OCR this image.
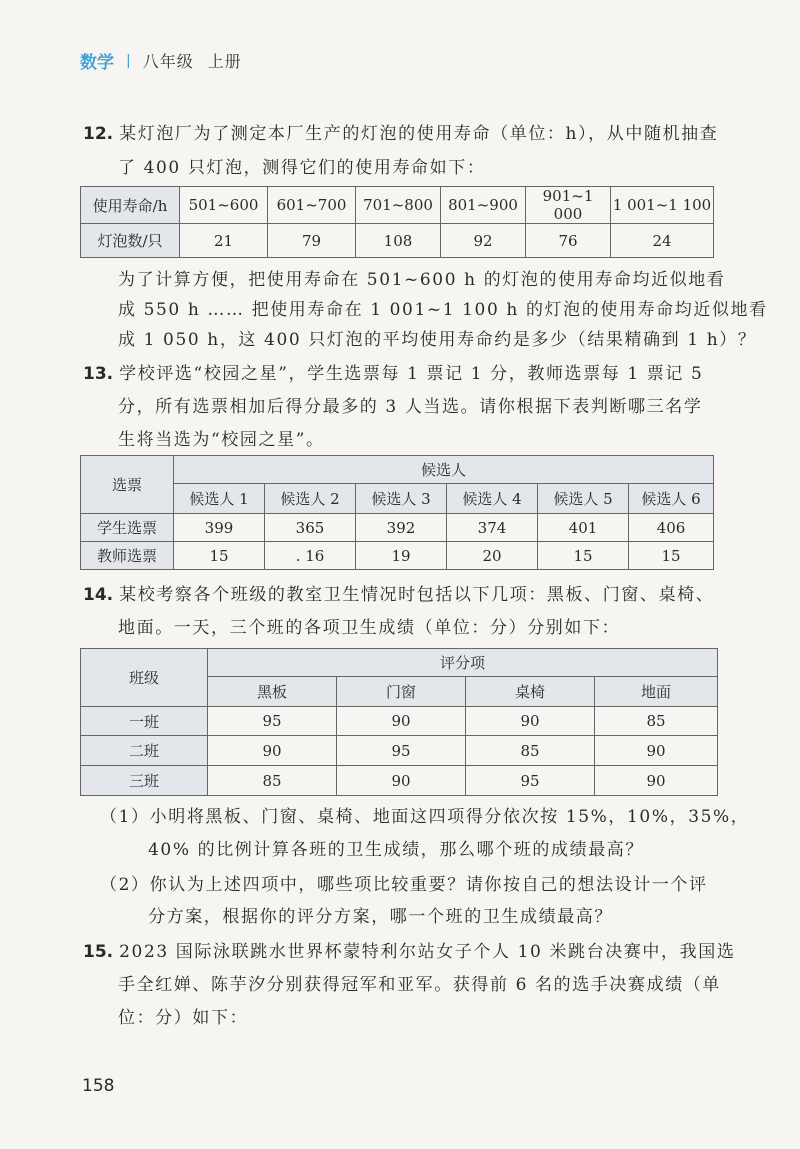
数学 | 八年级 上册
12. 某灯泡厂为了测定本厂生产的灯泡的使用寿命（单位：h），从中随机抽查
了 400 只灯泡，测得它们的使用寿命如下：
使用寿命/h	501~600	601~700	701~800	801~900	901~1 000	1 001~1 100
灯泡数/只	21	79	108	92	76	24
为了计算方便，把使用寿命在 501~600 h 的灯泡的使用寿命均近似地看
成 550 h …… 把使用寿命在 1 001~1 100 h 的灯泡的使用寿命均近似地看
成 1 050 h，这 400 只灯泡的平均使用寿命约是多少（结果精确到 1 h）？
13. 学校评选“校园之星”，学生选票每 1 票记 1 分，教师选票每 1 票记 5
分，所有选票相加后得分最多的 3 人当选。请你根据下表判断哪三名学
生将当选为“校园之星”。
选票	候选人					
	候选人 1	候选人 2	候选人 3	候选人 4	候选人 5	候选人 6
学生选票	399	365	392	374	401	406
教师选票	15	. 16	19	20	15	15
14. 某校考察各个班级的教室卫生情况时包括以下几项：黑板、门窗、桌椅、
地面。一天，三个班的各项卫生成绩（单位：分）分别如下：
班级	评分项			
	黑板	门窗	桌椅	地面
一班	95	90	90	85
二班	90	95	85	90
三班	85	90	95	90
（1）小明将黑板、门窗、桌椅、地面这四项得分依次按 15%，10%，35%，
40% 的比例计算各班的卫生成绩，那么哪个班的成绩最高？
（2）你认为上述四项中，哪些项比较重要？请你按自己的想法设计一个评
分方案，根据你的评分方案，哪一个班的卫生成绩最高？
15. 2023 国际泳联跳水世界杯蒙特利尔站女子个人 10 米跳台决赛中，我国选
手全红婵、陈芋汐分别获得冠军和亚军。获得前 6 名的选手决赛成绩（单
位：分）如下：
158
